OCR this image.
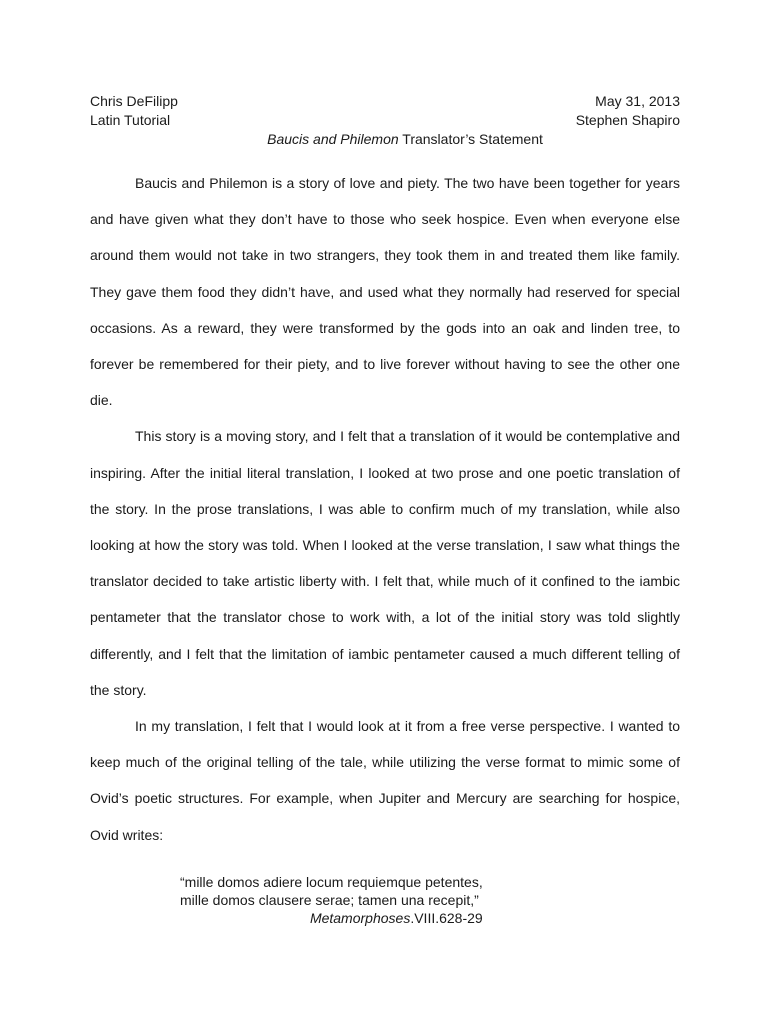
Chris DeFilipp	May 31, 2013
Latin Tutorial	Stephen Shapiro
Baucis and Philemon Translator’s Statement

Baucis and Philemon is a story of love and piety. The two have been together for years and have given what they don’t have to those who seek hospice. Even when everyone else around them would not take in two strangers, they took them in and treated them like family. They gave them food they didn’t have, and used what they normally had reserved for special occasions. As a reward, they were transformed by the gods into an oak and linden tree, to forever be remembered for their piety, and to live forever without having to see the other one die.

This story is a moving story, and I felt that a translation of it would be contemplative and inspiring. After the initial literal translation, I looked at two prose and one poetic translation of the story. In the prose translations, I was able to confirm much of my translation, while also looking at how the story was told. When I looked at the verse translation, I saw what things the translator decided to take artistic liberty with. I felt that, while much of it confined to the iambic pentameter that the translator chose to work with, a lot of the initial story was told slightly differently, and I felt that the limitation of iambic pentameter caused a much different telling of the story.

In my translation, I felt that I would look at it from a free verse perspective. I wanted to keep much of the original telling of the tale, while utilizing the verse format to mimic some of Ovid’s poetic structures. For example, when Jupiter and Mercury are searching for hospice, Ovid writes:

“mille domos adiere locum requiemque petentes,
mille domos clausere serae; tamen una recepit,”
Metamorphoses.VIII.628-29
